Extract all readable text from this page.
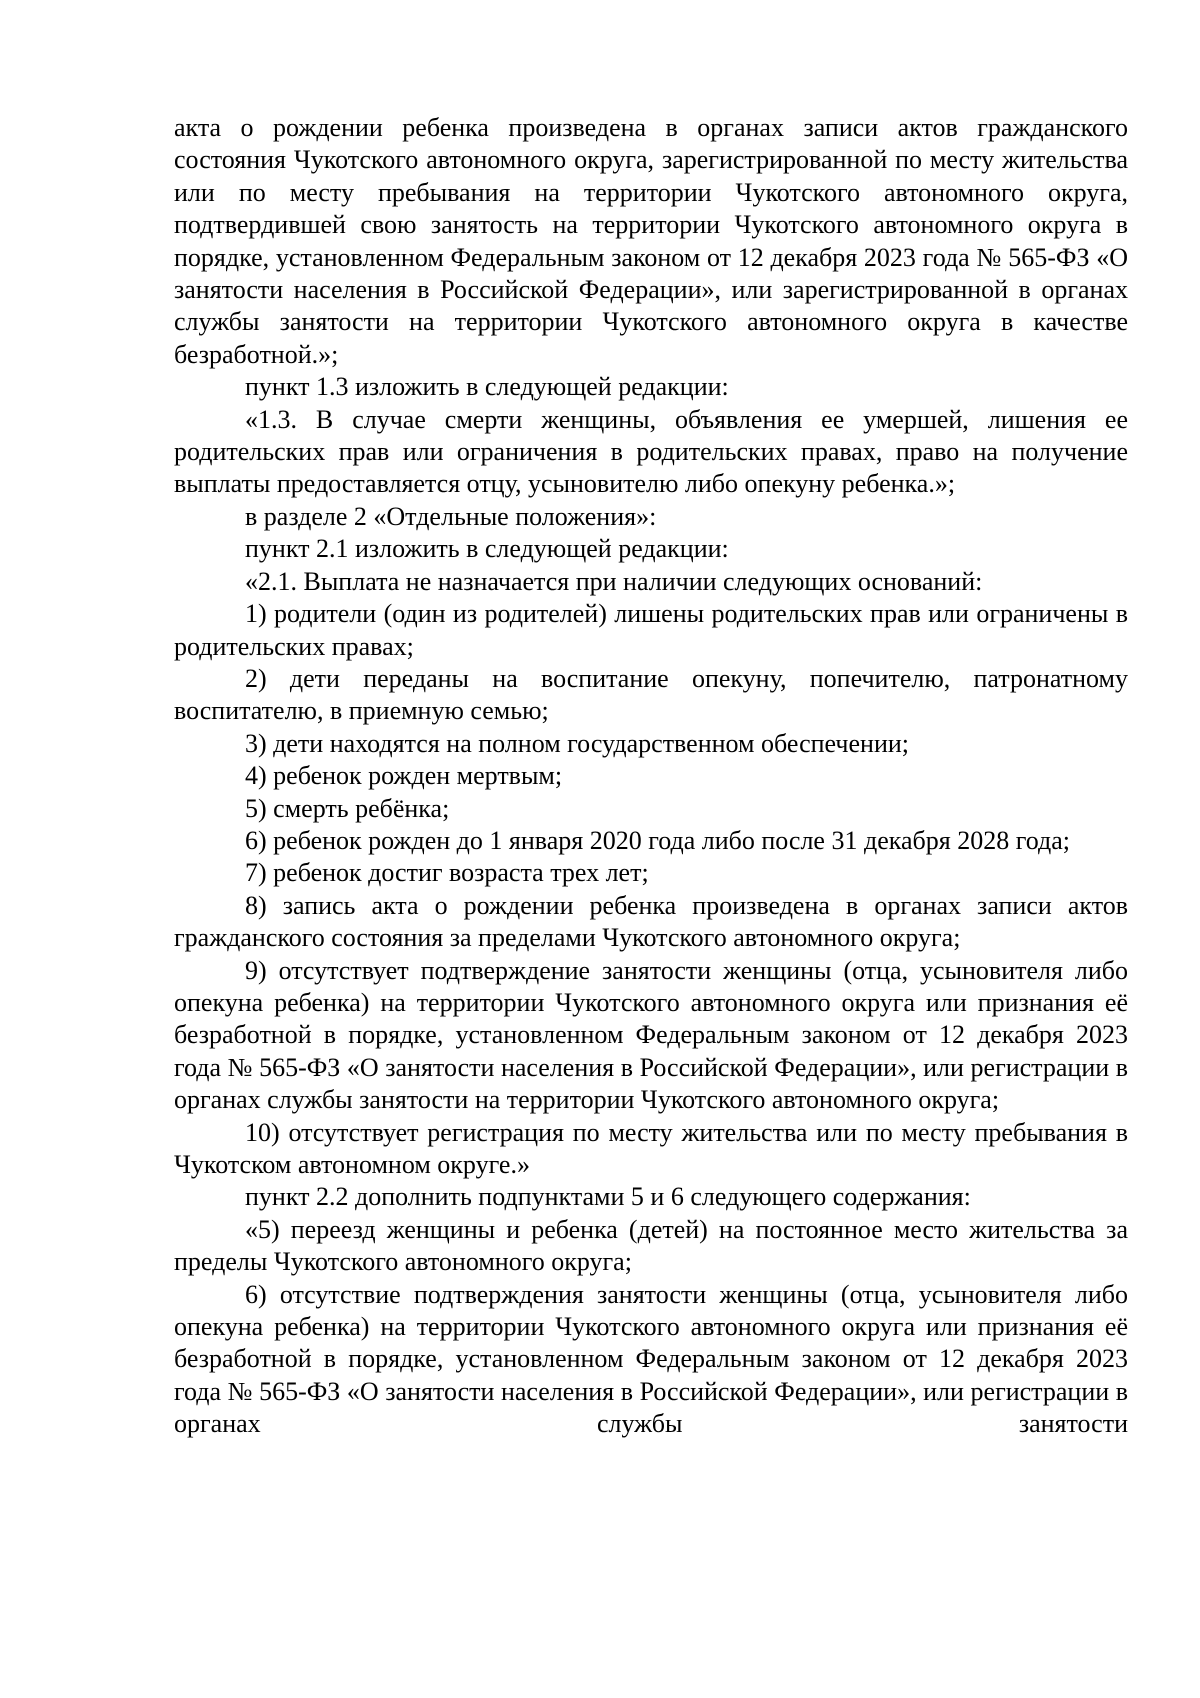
акта о рождении ребенка произведена в органах записи актов гражданского состояния Чукотского автономного округа, зарегистрированной по месту жительства или по месту пребывания на территории Чукотского автономного округа, подтвердившей свою занятость на территории Чукотского автономного округа в порядке, установленном Федеральным законом от 12 декабря 2023 года № 565-ФЗ «О занятости населения в Российской Федерации», или зарегистрированной в органах службы занятости на территории Чукотского автономного округа в качестве безработной.»;

пункт 1.3 изложить в следующей редакции:

«1.3. В случае смерти женщины, объявления ее умершей, лишения ее родительских прав или ограничения в родительских правах, право на получение выплаты предоставляется отцу, усыновителю либо опекуну ребенка.»;

в разделе 2 «Отдельные положения»:

пункт 2.1 изложить в следующей редакции:

«2.1. Выплата не назначается при наличии следующих оснований:

1) родители (один из родителей) лишены родительских прав или ограничены в родительских правах;

2) дети переданы на воспитание опекуну, попечителю, патронатному воспитателю, в приемную семью;

3) дети находятся на полном государственном обеспечении;

4) ребенок рожден мертвым;

5) смерть ребёнка;

6) ребенок рожден до 1 января 2020 года либо после 31 декабря 2028 года;

7) ребенок достиг возраста трех лет;

8) запись акта о рождении ребенка произведена в органах записи актов гражданского состояния за пределами Чукотского автономного округа;

9) отсутствует подтверждение занятости женщины (отца, усыновителя либо опекуна ребенка) на территории Чукотского автономного округа или признания её безработной в порядке, установленном Федеральным законом от 12 декабря 2023 года № 565-ФЗ «О занятости населения в Российской Федерации», или регистрации в органах службы занятости на территории Чукотского автономного округа;

10) отсутствует регистрация по месту жительства или по месту пребывания в Чукотском автономном округе.»

пункт 2.2 дополнить подпунктами 5 и 6 следующего содержания:

«5) переезд женщины и ребенка (детей) на постоянное место жительства за пределы Чукотского автономного округа;

6) отсутствие подтверждения занятости женщины (отца, усыновителя либо опекуна ребенка) на территории Чукотского автономного округа или признания её безработной в порядке, установленном Федеральным законом от 12 декабря 2023 года № 565-ФЗ «О занятости населения в Российской Федерации», или регистрации в органах службы занятости
